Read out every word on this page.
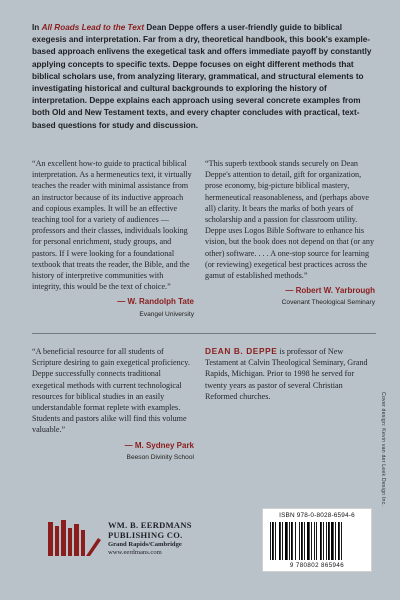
In All Roads Lead to the Text Dean Deppe offers a user-friendly guide to biblical exegesis and interpretation. Far from a dry, theoretical handbook, this book's example-based approach enlivens the exegetical task and offers immediate payoff by constantly applying concepts to specific texts. Deppe focuses on eight different methods that biblical scholars use, from analyzing literary, grammatical, and structural elements to investigating historical and cultural backgrounds to exploring the history of interpretation. Deppe explains each approach using several concrete examples from both Old and New Testament texts, and every chapter concludes with practical, text-based questions for study and discussion.

“An excellent how-to guide to practical biblical interpretation. As a hermeneutics text, it virtually teaches the reader with minimal assistance from an instructor because of its inductive approach and copious examples. It will be an effective teaching tool for a variety of audiences — professors and their classes, individuals looking for personal enrichment, study groups, and pastors. If I were looking for a foundational textbook that treats the reader, the Bible, and the history of interpretive communities with integrity, this would be the text of choice.”

— W. Randolph Tate
Evangel University

“This superb textbook stands securely on Dean Deppe's attention to detail, gift for organization, prose economy, big-picture biblical mastery, hermeneutical reasonableness, and (perhaps above all) clarity. It bears the marks of both years of scholarship and a passion for classroom utility. Deppe uses Logos Bible Software to enhance his vision, but the book does not depend on that (or any other) software. . . . A one-stop source for learning (or reviewing) exegetical best practices across the gamut of established methods.”

— Robert W. Yarbrough
Covenant Theological Seminary

“A beneficial resource for all students of Scripture desiring to gain exegetical proficiency. Deppe successfully connects traditional exegetical methods with current technological resources for biblical studies in an easily understandable format replete with examples. Students and pastors alike will find this volume valuable.”

— M. Sydney Park
Beeson Divinity School
DEAN B. DEPPE is professor of New Testament at Calvin Theological Seminary, Grand Rapids, Michigan. Prior to 1998 he served for twenty years as pastor of several Christian Reformed churches.
WM. B. EERDMANS
PUBLISHING CO.
Grand Rapids/Cambridge
www.eerdmans.com
ISBN 978-0-8028-6594-6
9 780802 865946
Cover design: Kevin van der Leek Design Inc.
